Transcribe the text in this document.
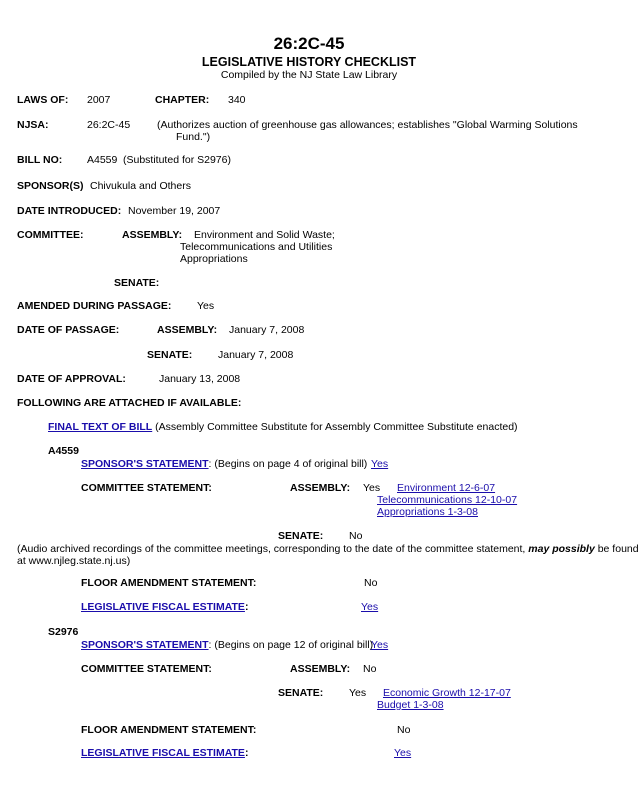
26:2C-45
LEGISLATIVE HISTORY CHECKLIST
Compiled by the NJ State Law Library
LAWS OF: 2007	CHAPTER: 340
NJSA:	26:2C-45	(Authorizes auction of greenhouse gas allowances; establishes "Global Warming Solutions
Fund.")
BILL NO: A4559 (Substituted for S2976)
SPONSOR(S) Chivukula and Others
DATE INTRODUCED: November 19, 2007
COMMITTEE:	ASSEMBLY: Environment and Solid Waste;
Telecommunications and Utilities
Appropriations
SENATE:
AMENDED DURING PASSAGE: Yes
DATE OF PASSAGE:	ASSEMBLY: January 7, 2008
SENATE: January 7, 2008
DATE OF APPROVAL:	January 13, 2008
FOLLOWING ARE ATTACHED IF AVAILABLE:
FINAL TEXT OF BILL (Assembly Committee Substitute for Assembly Committee Substitute enacted)
A4559
SPONSOR'S STATEMENT: (Begins on page 4 of original bill) Yes
COMMITTEE STATEMENT:	ASSEMBLY: Yes Environment 12-6-07
Telecommunications 12-10-07
Appropriations 1-3-08
SENATE: No
(Audio archived recordings of the committee meetings, corresponding to the date of the committee statement, may possibly be found
at www.njleg.state.nj.us)
FLOOR AMENDMENT STATEMENT:	No
LEGISLATIVE FISCAL ESTIMATE:	Yes
S2976
SPONSOR'S STATEMENT: (Begins on page 12 of original bill)
Yes
COMMITTEE STATEMENT:	ASSEMBLY: No
SENATE: Yes Economic Growth 12-17-07
Budget 1-3-08
FLOOR AMENDMENT STATEMENT:	No
LEGISLATIVE FISCAL ESTIMATE:	Yes
